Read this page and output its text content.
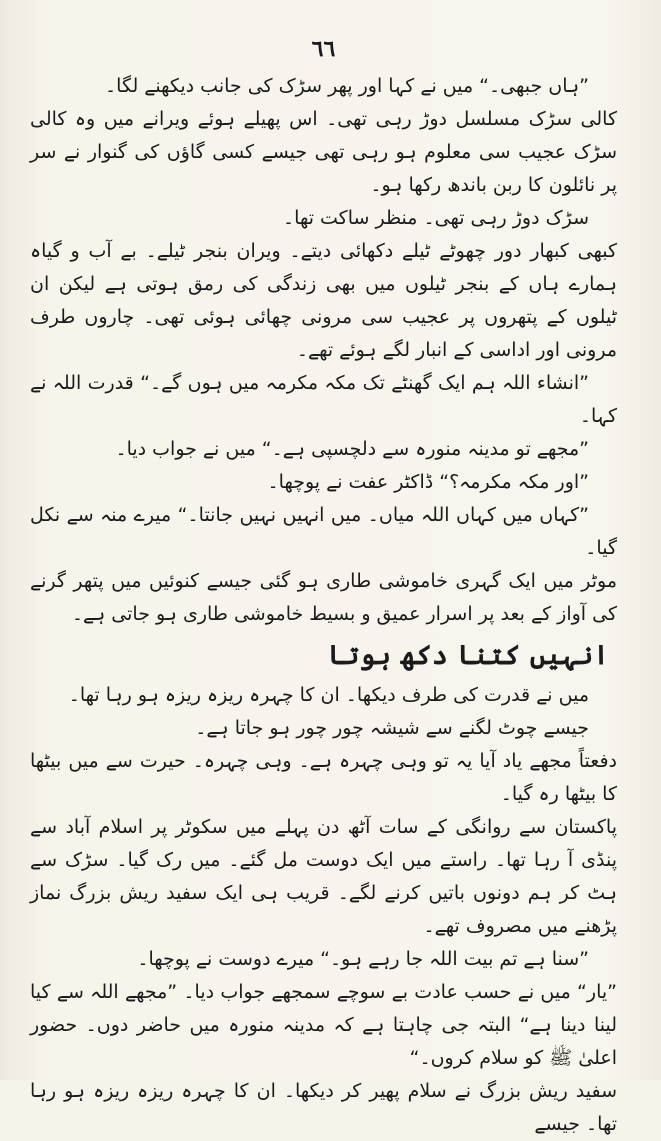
٦٦

”ہاں جبھی۔“ میں نے کہا اور پھر سڑک کی جانب دیکھنے لگا۔

کالی سڑک مسلسل دوڑ رہی تھی۔ اس پھیلے ہوئے ویرانے میں وہ کالی سڑک عجیب سی معلوم ہو رہی تھی جیسے کسی گاؤں کی گنوار نے سر پر نائلون کا ربن باندھ رکھا ہو۔

سڑک دوڑ رہی تھی۔ منظر ساکت تھا۔

کبھی کبھار دور چھوٹے ٹیلے دکھائی دیتے۔ ویران بنجر ٹیلے۔ بے آب و گیاہ ہمارے ہاں کے بنجر ٹیلوں میں بھی زندگی کی رمق ہوتی ہے لیکن ان ٹیلوں کے پتھروں پر عجیب سی مرونی چھائی ہوئی تھی۔ چاروں طرف مرونی اور اداسی کے انبار لگے ہوئے تھے۔

”انشاء اللہ ہم ایک گھنٹے تک مکہ مکرمہ میں ہوں گے۔“ قدرت اللہ نے کہا۔

”مجھے تو مدینہ منورہ سے دلچسپی ہے۔“ میں نے جواب دیا۔

”اور مکہ مکرمہ؟“ ڈاکٹر عفت نے پوچھا۔

”کہاں میں کہاں اللہ میاں۔ میں انہیں نہیں جانتا۔“ میرے منہ سے نکل گیا۔

موٹر میں ایک گہری خاموشی طاری ہو گئی جیسے کنوئیں میں پتھر گرنے کی آواز کے بعد پر اسرار عمیق و بسیط خاموشی طاری ہو جاتی ہے۔

انہیں کتنا دکھ ہوتا

میں نے قدرت کی طرف دیکھا۔ ان کا چہرہ ریزہ ریزہ ہو رہا تھا۔

جیسے چوٹ لگنے سے شیشہ چور چور ہو جاتا ہے۔

دفعتاً مجھے یاد آیا یہ تو وہی چہرہ ہے۔ وہی چہرہ۔ حیرت سے میں بیٹھا کا بیٹھا رہ گیا۔

پاکستان سے روانگی کے سات آٹھ دن پہلے میں سکوٹر پر اسلام آباد سے پنڈی آ رہا تھا۔ راستے میں ایک دوست مل گئے۔ میں رک گیا۔ سڑک سے ہٹ کر ہم دونوں باتیں کرنے لگے۔ قریب ہی ایک سفید ریش بزرگ نماز پڑھنے میں مصروف تھے۔

”سنا ہے تم بیت اللہ جا رہے ہو۔“ میرے دوست نے پوچھا۔

”یار“ میں نے حسب عادت بے سوچے سمجھے جواب دیا۔ ”مجھے اللہ سے کیا لینا دینا ہے“ البتہ جی چاہتا ہے کہ مدینہ منورہ میں حاضر دوں۔ حضور اعلیٰ ﷺ کو سلام کروں۔“

سفید ریش بزرگ نے سلام پھیر کر دیکھا۔ ان کا چہرہ ریزہ ریزہ ہو رہا تھا۔ جیسے
